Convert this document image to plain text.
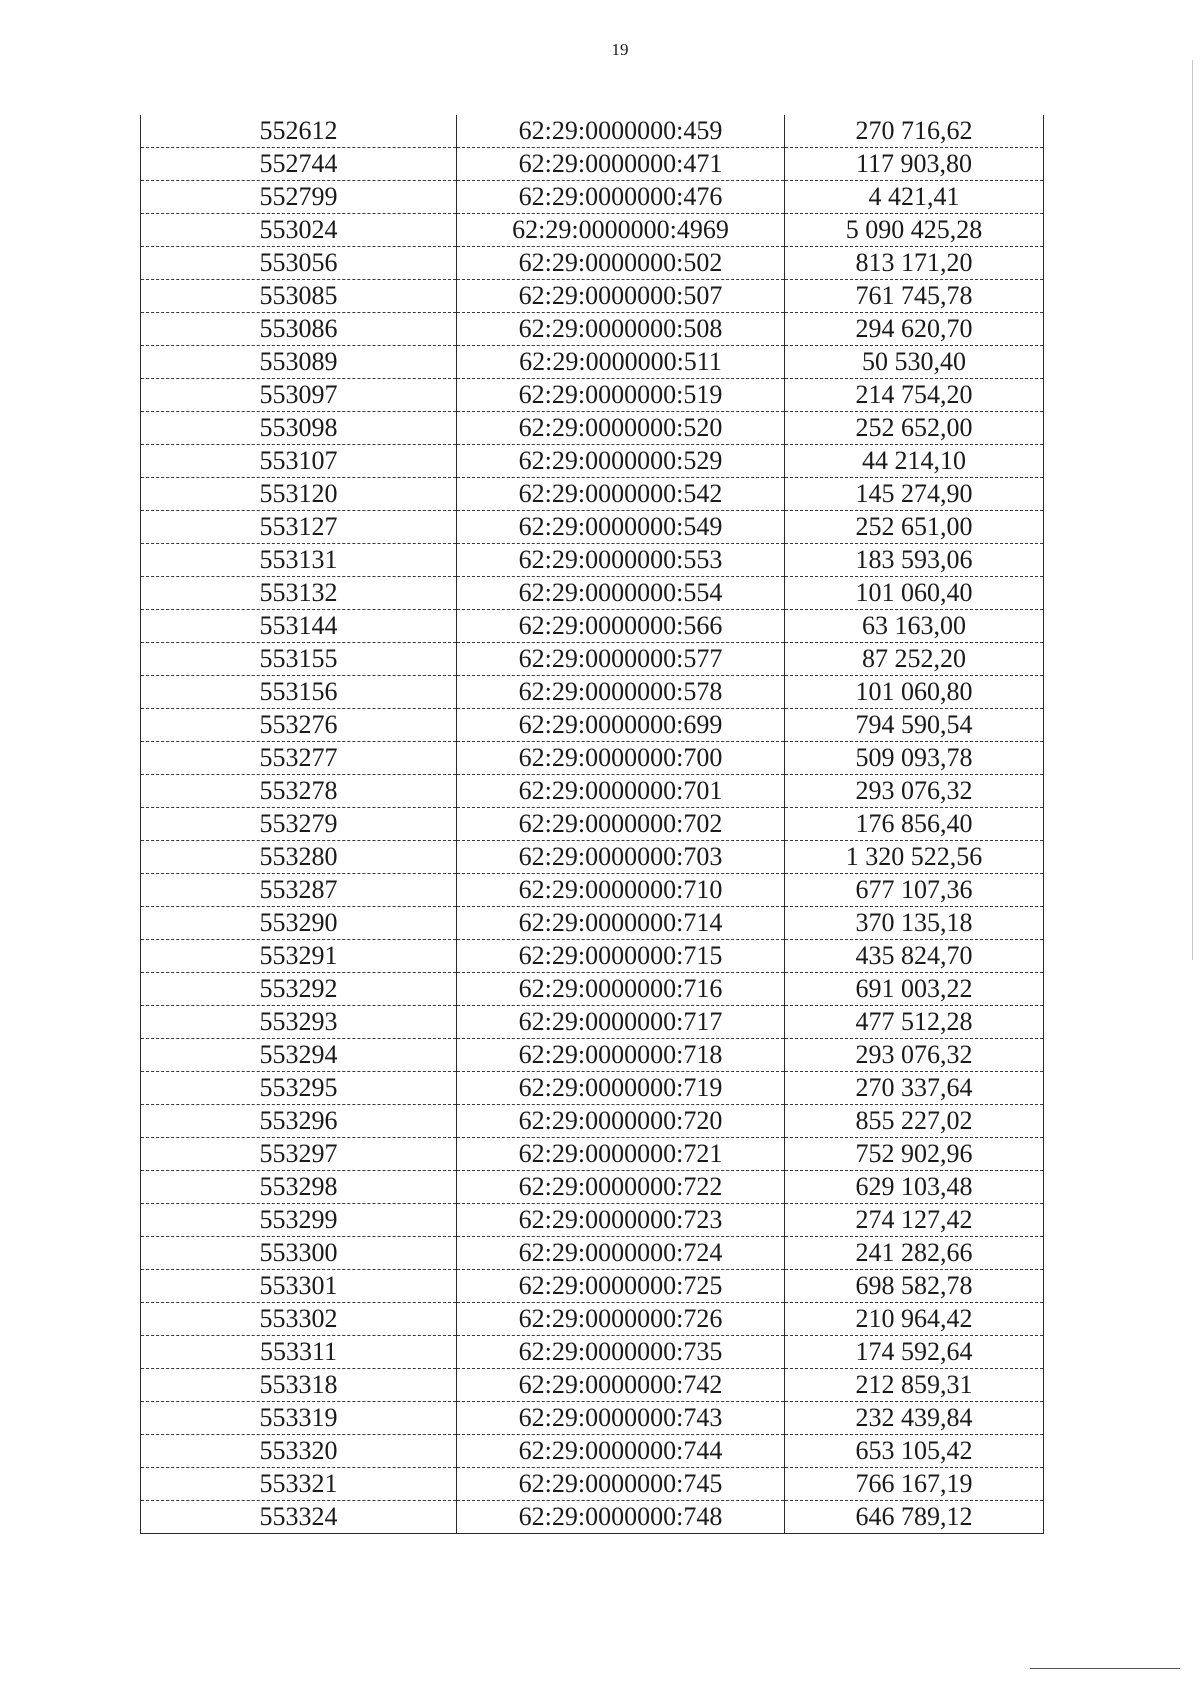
19
552612	62:29:0000000:459	270 716,62
552744	62:29:0000000:471	117 903,80
552799	62:29:0000000:476	4 421,41
553024	62:29:0000000:4969	5 090 425,28
553056	62:29:0000000:502	813 171,20
553085	62:29:0000000:507	761 745,78
553086	62:29:0000000:508	294 620,70
553089	62:29:0000000:511	50 530,40
553097	62:29:0000000:519	214 754,20
553098	62:29:0000000:520	252 652,00
553107	62:29:0000000:529	44 214,10
553120	62:29:0000000:542	145 274,90
553127	62:29:0000000:549	252 651,00
553131	62:29:0000000:553	183 593,06
553132	62:29:0000000:554	101 060,40
553144	62:29:0000000:566	63 163,00
553155	62:29:0000000:577	87 252,20
553156	62:29:0000000:578	101 060,80
553276	62:29:0000000:699	794 590,54
553277	62:29:0000000:700	509 093,78
553278	62:29:0000000:701	293 076,32
553279	62:29:0000000:702	176 856,40
553280	62:29:0000000:703	1 320 522,56
553287	62:29:0000000:710	677 107,36
553290	62:29:0000000:714	370 135,18
553291	62:29:0000000:715	435 824,70
553292	62:29:0000000:716	691 003,22
553293	62:29:0000000:717	477 512,28
553294	62:29:0000000:718	293 076,32
553295	62:29:0000000:719	270 337,64
553296	62:29:0000000:720	855 227,02
553297	62:29:0000000:721	752 902,96
553298	62:29:0000000:722	629 103,48
553299	62:29:0000000:723	274 127,42
553300	62:29:0000000:724	241 282,66
553301	62:29:0000000:725	698 582,78
553302	62:29:0000000:726	210 964,42
553311	62:29:0000000:735	174 592,64
553318	62:29:0000000:742	212 859,31
553319	62:29:0000000:743	232 439,84
553320	62:29:0000000:744	653 105,42
553321	62:29:0000000:745	766 167,19
553324	62:29:0000000:748	646 789,12
